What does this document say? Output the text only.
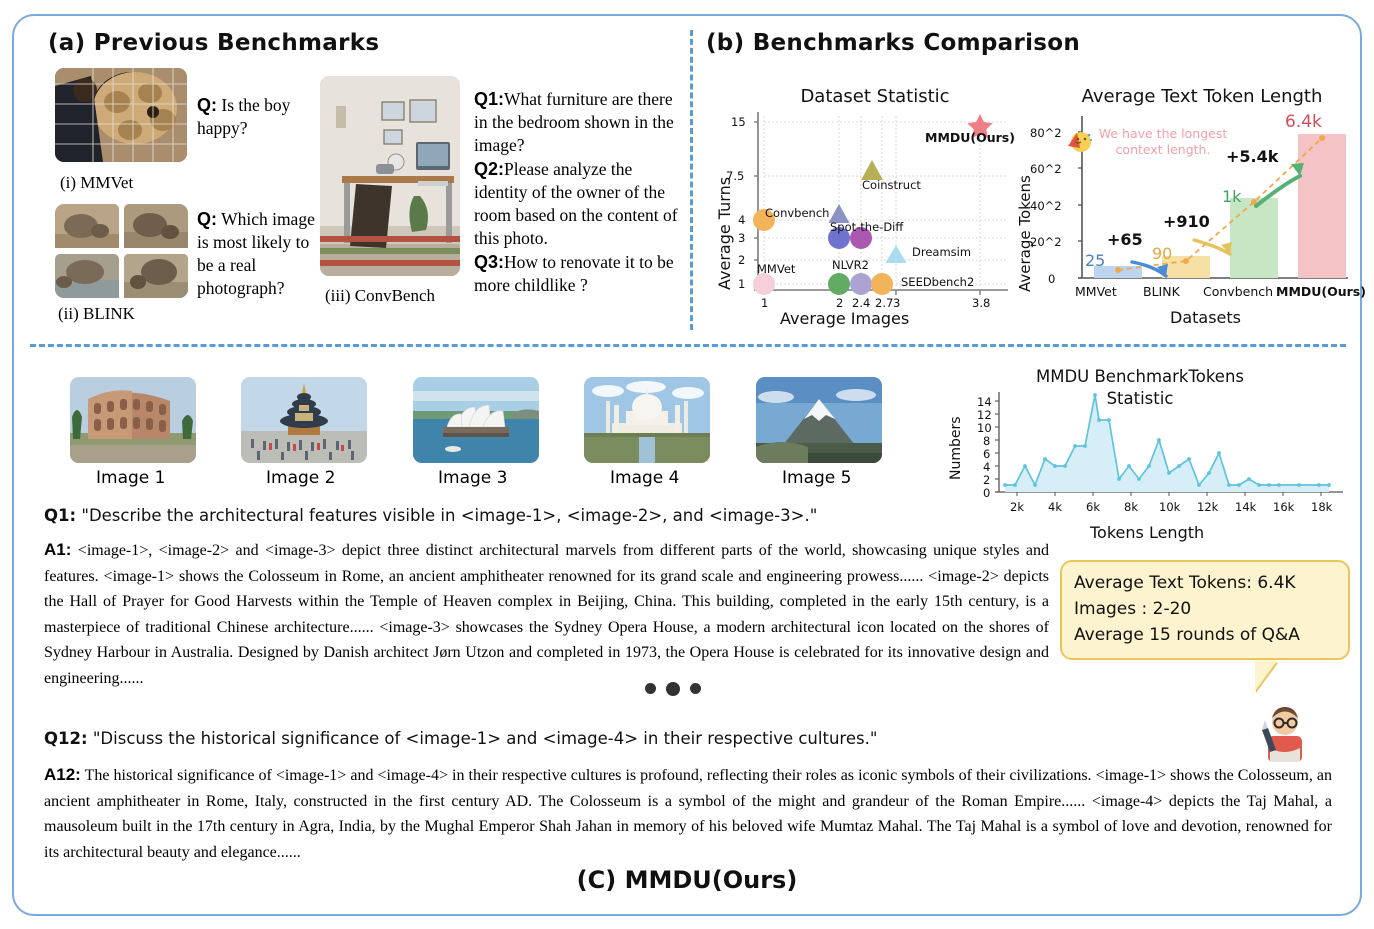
(a) Previous Benchmarks
(i) MMVet
Q: Is the boy happy?
(ii) BLINK
Q: Which image is most likely to be a real photograph?	(iii) ConvBench
Q1:What furniture are there in the bedroom shown in the image?
Q2:Please analyze the identity of the owner of the room based on the content of this photo.
Q3:How to renovate it to be more childlike ?
(b) Benchmarks Comparison
Dataset Statistic
Average Turns
Average Images
15
7.5
4
3
2
1
1	2 2.4 2.7 3	3.8
MMDU(Ours)
Coinstruct
Convbench
Spot-the-Diff
NLVR2
Dreamsim
MMVet
SEEDbench2
Average Text Token Length
Average Tokens
Datasets
80^2
60^2
40^2
20^2
0
MMVet BLINK Convbench MMDU(Ours)
25	90
1k
6.4k
+65
+910
+5.4k
We have the longest context length.
Image 1	Image 2	Image 3	Image 4	Image 5
MMDU BenchmarkTokens Statistic
Numbers
Tokens Length
14
12
10
8
6
4
2
0
2k 4k 6k 8k 10k 12k 14k 16k 18k
Q1: "Describe the architectural features visible in <image-1>, <image-2>, and <image-3>."
A1: <image-1>, <image-2> and <image-3> depict three distinct architectural marvels from different parts of the world, showcasing unique styles and features. <image-1> shows the Colosseum in Rome, an ancient amphitheater renowned for its grand scale and engineering prowess...... <image-2> depicts the Hall of Prayer for Good Harvests within the Temple of Heaven complex in Beijing, China. This building, completed in the early 15th century, is a masterpiece of traditional Chinese architecture...... <image-3> showcases the Sydney Opera House, a modern architectural icon located on the shores of Sydney Harbour in Australia. Designed by Danish architect Jørn Utzon and completed in 1973, the Opera House is celebrated for its innovative design and engineering......
Average Text Tokens: 6.4K
Images : 2-20
Average 15 rounds of Q&A
Q12: "Discuss the historical significance of <image-1> and <image-4> in their respective cultures."
A12: The historical significance of <image-1> and <image-4> in their respective cultures is profound, reflecting their roles as iconic symbols of their civilizations. <image-1> shows the Colosseum, an ancient amphitheater in Rome, Italy, constructed in the first century AD. The Colosseum is a symbol of the might and grandeur of the Roman Empire...... <image-4> depicts the Taj Mahal, a mausoleum built in the 17th century in Agra, India, by the Mughal Emperor Shah Jahan in memory of his beloved wife Mumtaz Mahal. The Taj Mahal is a symbol of love and devotion, renowned for its architectural beauty and elegance......
(C) MMDU(Ours)
